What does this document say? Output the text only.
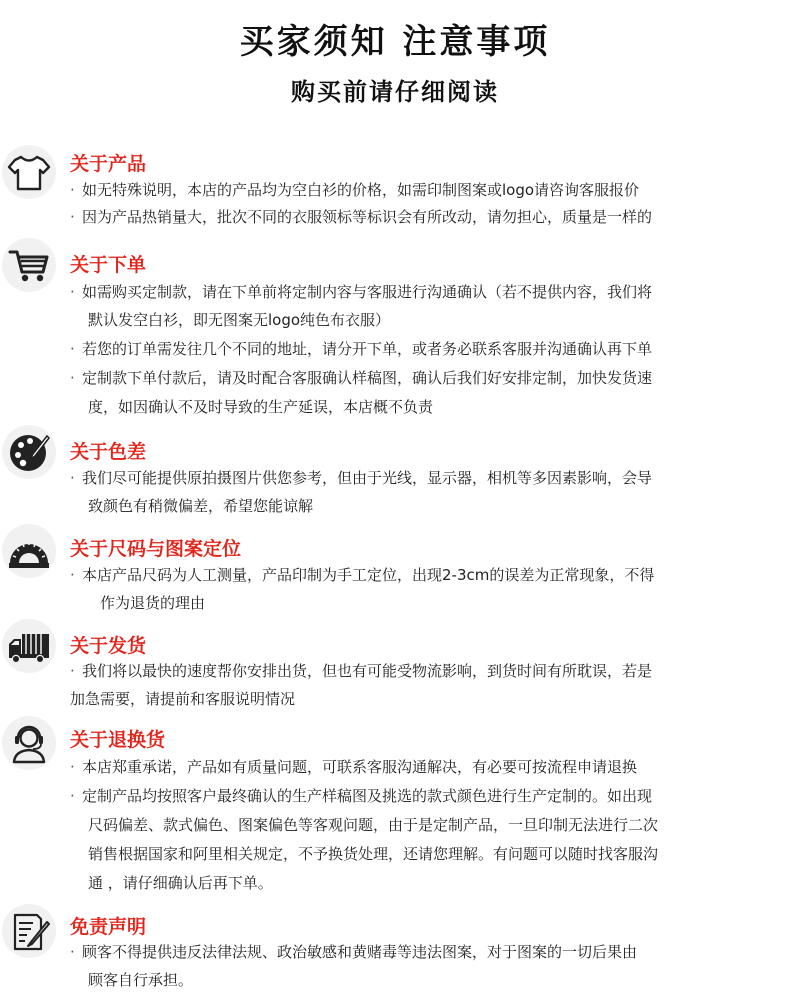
买家须知 注意事项
购买前请仔细阅读
关于产品
· 如无特殊说明，本店的产品均为空白衫的价格，如需印制图案或logo请咨询客服报价
· 因为产品热销量大，批次不同的衣服领标等标识会有所改动，请勿担心，质量是一样的
关于下单
· 如需购买定制款，请在下单前将定制内容与客服进行沟通确认（若不提供内容，我们将
默认发空白衫，即无图案无logo纯色布衣服）
· 若您的订单需发往几个不同的地址，请分开下单，或者务必联系客服并沟通确认再下单
· 定制款下单付款后，请及时配合客服确认样稿图，确认后我们好安排定制，加快发货速
度，如因确认不及时导致的生产延误，本店概不负责
关于色差
· 我们尽可能提供原拍摄图片供您参考，但由于光线，显示器，相机等多因素影响，会导
致颜色有稍微偏差，希望您能谅解
关于尺码与图案定位
· 本店产品尺码为人工测量，产品印制为手工定位，出现2-3cm的误差为正常现象，不得
作为退货的理由
关于发货
· 我们将以最快的速度帮你安排出货，但也有可能受物流影响，到货时间有所耽误，若是
加急需要，请提前和客服说明情况
关于退换货
· 本店郑重承诺，产品如有质量问题，可联系客服沟通解决，有必要可按流程申请退换
· 定制产品均按照客户最终确认的生产样稿图及挑选的款式颜色进行生产定制的。如出现
尺码偏差、款式偏色、图案偏色等客观问题，由于是定制产品，一旦印制无法进行二次
销售根据国家和阿里相关规定，不予换货处理，还请您理解。有问题可以随时找客服沟
通 ，请仔细确认后再下单。
免责声明
· 顾客不得提供违反法律法规、政治敏感和黄赌毒等违法图案，对于图案的一切后果由
顾客自行承担。
